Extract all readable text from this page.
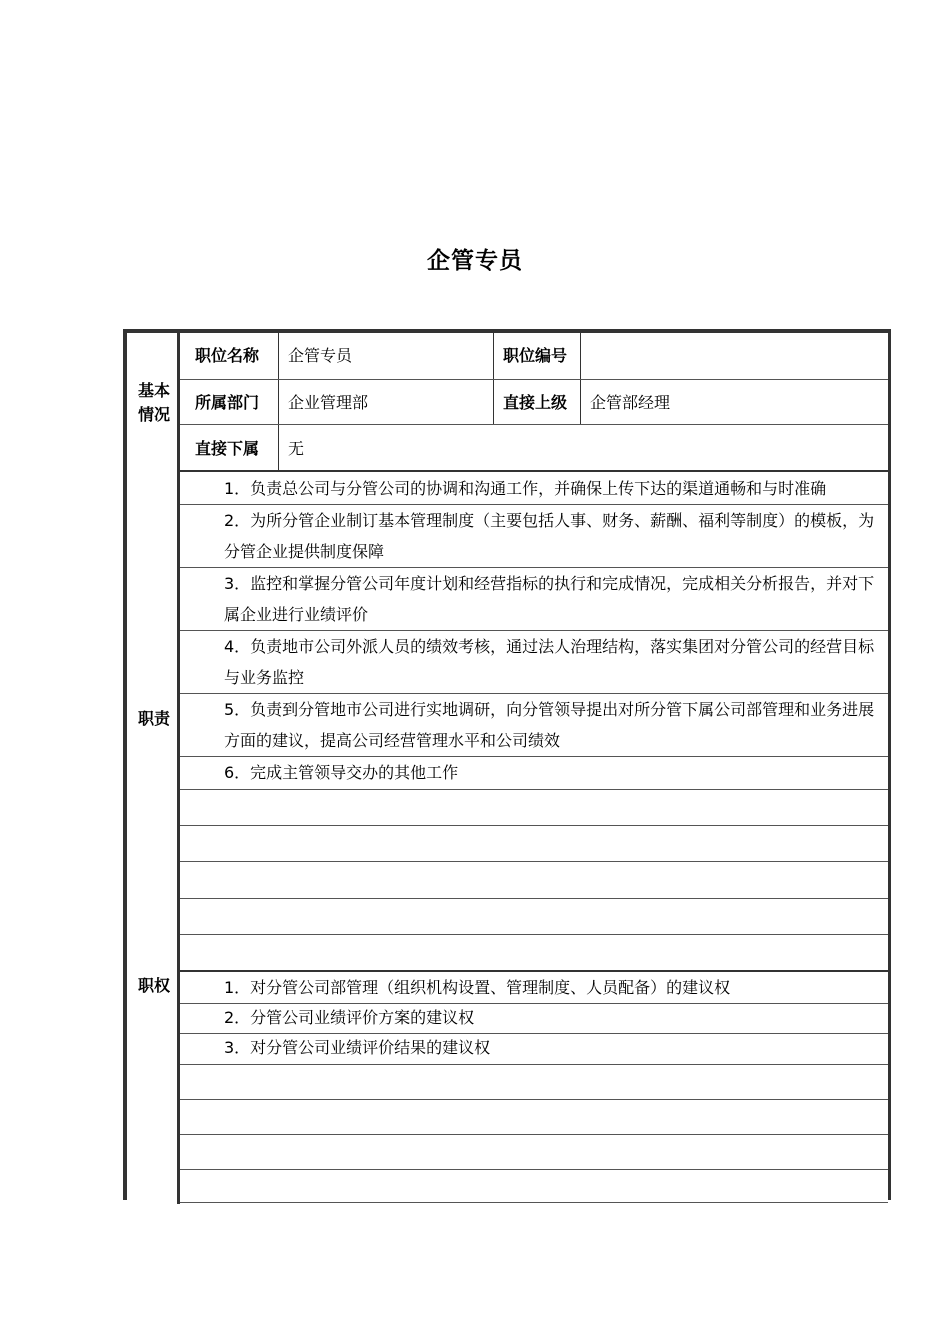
企管专员
基本
情况
职位名称 企管专员	职位编号
所属部门 企业管理部	直接上级 企管部经理
直接下属 无
职责
1．负责总公司与分管公司的协调和沟通工作，并确保上传下达的渠道通畅和与时准确
2．为所分管企业制订基本管理制度（主要包括人事、财务、薪酬、福利等制度）的模板，为分管企业提供制度保障
3．监控和掌握分管公司年度计划和经营指标的执行和完成情况，完成相关分析报告，并对下属企业进行业绩评价
4．负责地市公司外派人员的绩效考核，通过法人治理结构，落实集团对分管公司的经营目标与业务监控
5．负责到分管地市公司进行实地调研，向分管领导提出对所分管下属公司部管理和业务进展方面的建议，提高公司经营管理水平和公司绩效
6．完成主管领导交办的其他工作
职权	1．对分管公司部管理（组织机构设置、管理制度、人员配备）的建议权
2．分管公司业绩评价方案的建议权
3．对分管公司业绩评价结果的建议权
